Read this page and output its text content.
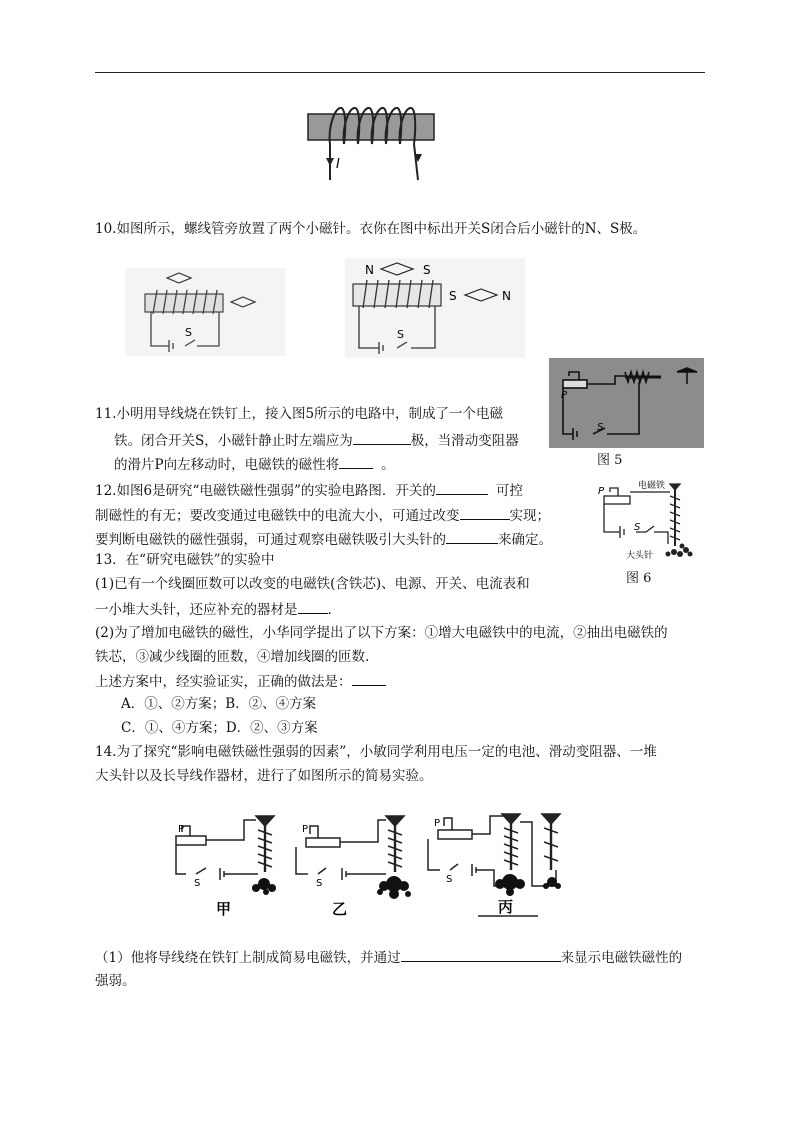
I
10.如图所示，螺线管旁放置了两个小磁针。衣你在图中标出开关S闭合后小磁针的N、S极。
S
N	S
S	N
S
P
S
图 5
11.小明用导线烧在铁钉上，接入图5所示的电路中，制成了一个电磁
铁。闭合开关S，小磁针静止时左端应为	极，当滑动变阻器
的滑片P向左移动时，电磁铁的磁性将	。
P	电磁铁
S
大头针
图 6
12.如图6是研究“电磁铁磁性强弱”的实验电路图．开关的	可控
制磁性的有无；要改变通过电磁铁中的电流大小，可通过改变	实现；
要判断电磁铁的磁性强弱，可通过观察电磁铁吸引大头针的	来确定。
13．在“研究电磁铁”的实验中
(1)已有一个线圈匝数可以改变的电磁铁(含铁芯)、电源、开关、电流表和
一小堆大头针，还应补充的器材是 .
(2)为了增加电磁铁的磁性，小华同学提出了以下方案：①增大电磁铁中的电流，②抽出电磁铁的
铁芯，③减少线圈的匝数，④增加线圈的匝数.
上述方案中，经实验证实，正确的做法是：
A．①、②方案；B．②、④方案
C．①、④方案；D．②、③方案
14.为了探究“影响电磁铁磁性强弱的因素”，小敏同学利用电压一定的电池、滑动变阻器、一堆
大头针以及长导线作器材，进行了如图所示的简易实验。
P	P
P
S	S	S
甲	乙	丙
（1）他将导线绕在铁钉上制成简易电磁铁，并通过	来显示电磁铁磁性的
强弱。
